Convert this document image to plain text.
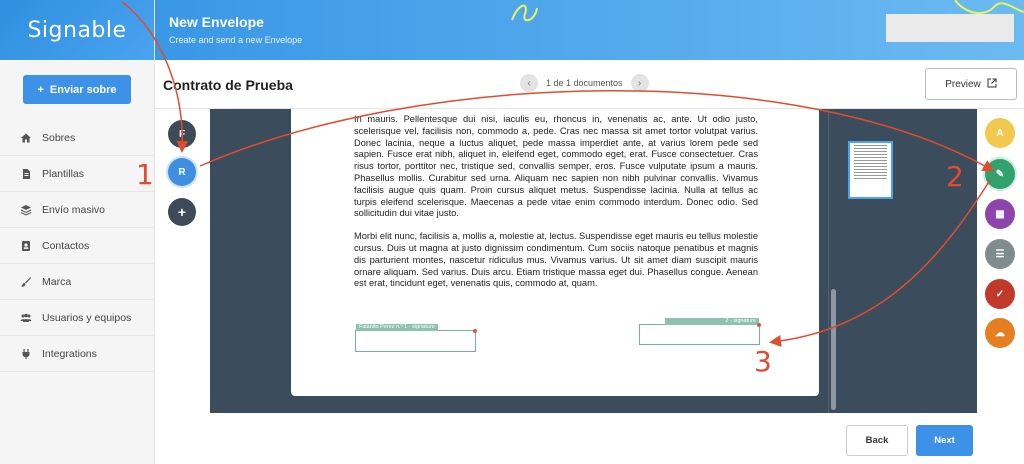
Signable
+ Enviar sobre
Sobres
Plantillas
Envío masivo
Contactos
Marca
Usuarios y equipos
Integrations
New Envelope
Create and send a new Envelope
Contrato de Prueba	‹	1 de 1 documentos	›	Preview
F
R
+

In mauris. Pellentesque dui nisi, iaculis eu, rhoncus in, venenatis ac, ante. Ut odio justo, scelerisque vel, facilisis non, commodo a, pede. Cras nec massa sit amet tortor volutpat varius. Donec lacinia, neque a luctus aliquet, pede massa imperdiet ante, at varius lorem pede sed sapien. Fusce erat nibh, aliquet in, eleifend eget, commodo eget, erat. Fusce consectetuer. Cras risus tortor, porttitor nec, tristique sed, convallis semper, eros. Fusce vulputate ipsum a mauris. Phasellus mollis. Curabitur sed urna. Aliquam nec sapien non nibh pulvinar convallis. Vivamus facilisis augue quis quam. Proin cursus aliquet metus. Suspendisse lacinia. Nulla at tellus ac turpis eleifend scelerisque. Maecenas a pede vitae enim commodo interdum. Donec odio. Sed sollicitudin dui vitae justo.

Morbi elit nunc, facilisis a, mollis a, molestie at, lectus. Suspendisse eget mauris eu tellus molestie cursus. Duis ut magna at justo dignissim condimentum. Cum sociis natoque penatibus et magnis dis parturient montes, nascetur ridiculus mus. Vivamus varius. Ut sit amet diam suscipit mauris ornare aliquam. Sed varius. Duis arcu. Etiam tristique massa eget dui. Phasellus congue. Aenean est erat, tincidunt eget, venenatis quis, commodo at, quam.

Falanito Perez n.º 1 - signature
2 - signature
A
✎
▦
☰
✓
☁
Back	Next
1	2
3
